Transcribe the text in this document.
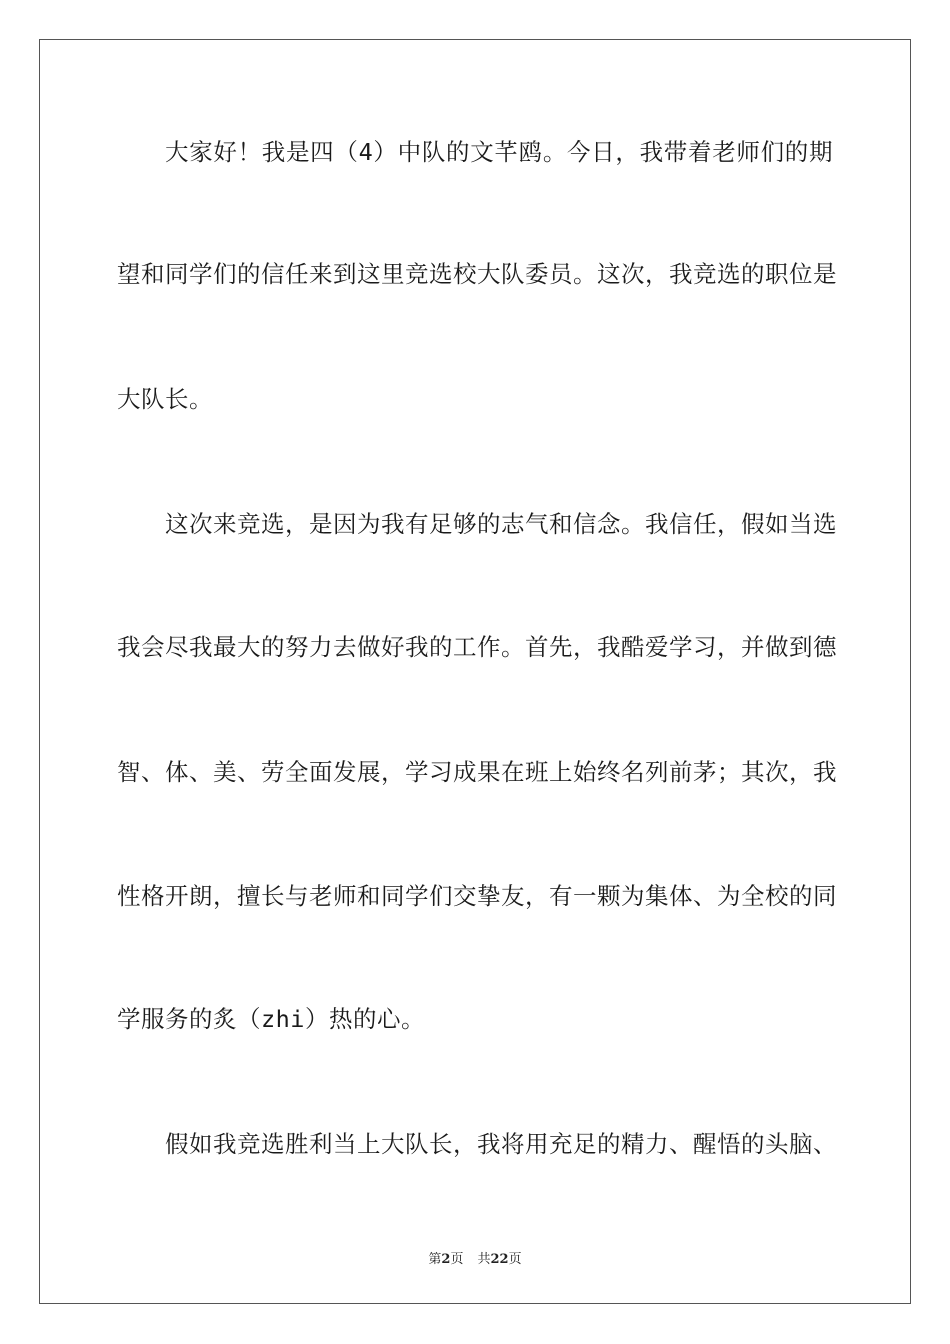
大家好！我是四（4）中队的文芊鸥。今日，我带着老师们的期
望和同学们的信任来到这里竞选校大队委员。这次，我竞选的职位是
大队长。
这次来竞选，是因为我有足够的志气和信念。我信任，假如当选
我会尽我最大的努力去做好我的工作。首先，我酷爱学习，并做到德
智、体、美、劳全面发展，学习成果在班上始终名列前茅；其次，我
性格开朗，擅长与老师和同学们交挚友，有一颗为集体、为全校的同
学服务的炙（zhi）热的心。
假如我竞选胜利当上大队长，我将用充足的精力、醒悟的头脑、
第2页 共22页
